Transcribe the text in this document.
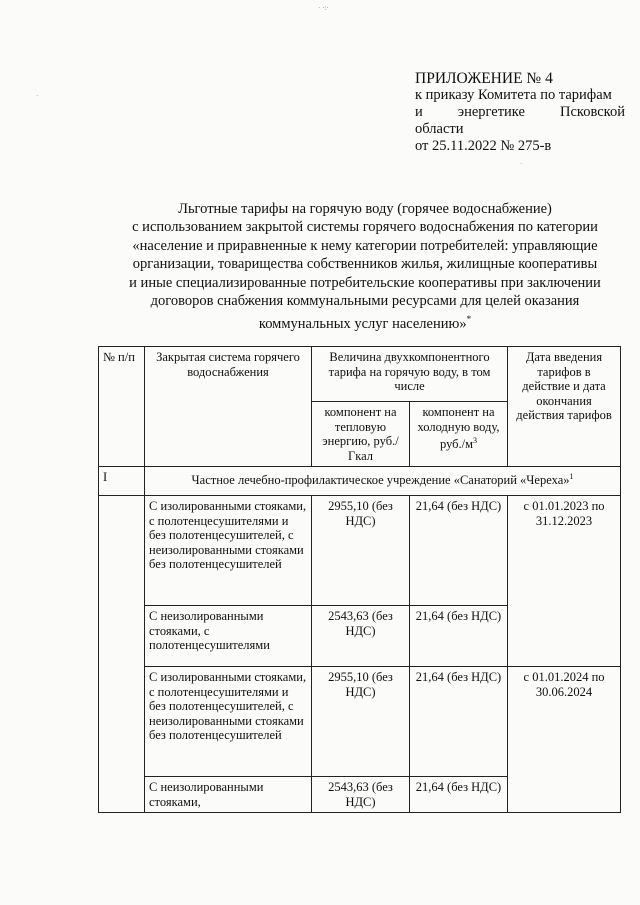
· ·:·
·
·
ПРИЛОЖЕНИЕ № 4
к приказу Комитета по тарифам
и энергетике Псковской
области
от 25.11.2022 № 275-в
Льготные тарифы на горячую воду (горячее водоснабжение)
с использованием закрытой системы горячего водоснабжения по категории
«население и приравненные к нему категории потребителей: управляющие
организации, товарищества собственников жилья, жилищные кооперативы
и иные специализированные потребительские кооперативы при заключении
договоров снабжения коммунальными ресурсами для целей оказания
коммунальных услуг населению»*
№ п/п	Закрытая система горячего водоснабжения	Величина двухкомпонентного тарифа на горячую воду, в том числе		Дата введения тарифов в действие и дата окончания действия тарифов
		компонент на тепловую энергию, руб./Гкал	компонент на холодную воду, $руб./м^3$
I	Частное лечебно-профилактическое учреждение «Санаторий «Череха»$^1$
	С изолированными стояками, с полотенцесушителями и без полотенцесушителей, с неизолированными стояками без полотенцесушителей	2955,10 (без НДС)	21,64 (без НДС)	с 01.01.2023 по 31.12.2023
	С неизолированными стояками, с полотенцесушителями	2543,63 (без НДС)	21,64 (без НДС)	
	С изолированными стояками, с полотенцесушителями и без полотенцесушителей, с неизолированными стояками без полотенцесушителей	2955,10 (без НДС)	21,64 (без НДС)	с 01.01.2024 по 30.06.2024
	С неизолированными стояками,	2543,63 (без НДС)	21,64 (без НДС)	
